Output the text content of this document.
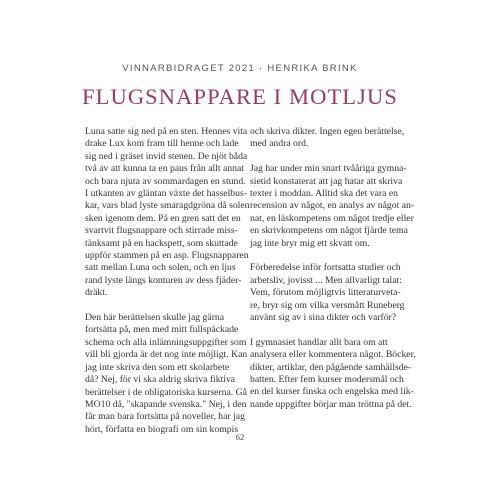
VINNARBIDRAGET 2021 · HENRIKA BRINK
FLUGSNAPPARE I MOTLJUS

Luna satte sig ned på en sten. Hennes vita
drake Lux kom fram till henne och lade
sig ned i gräset invid stenen. De njöt båda
två av att kunna ta en paus från allt annat
och bara njuta av sommardagen en stund.
I utkanten av gläntan växte det hasselbus-
kar, vars blad lyste smaragdgröna då solen
sken igenom dem. På en gren satt det en
svartvit flugsnappare och stirrade miss-
tänksamt på en hackspett, som skuttade
uppför stammen på en asp. Flugsnapparen
satt mellan Luna och solen, och en ljus
rand lyste längs konturen av dess fjäder-
dräkt.

Den här berättelsen skulle jag gärna
fortsätta på, men med mitt fullspäckade
schema och alla inlämningsuppgifter som
vill bli gjorda är det nog inte möjligt. Kan
jag inte skriva den som ett skolarbete
då? Nej, för vi ska aldrig skriva fiktiva
berättelser i de obligatoriska kurserna. Gå
MO10 då, "skapande svenska." Nej, i den
får man bara fortsätta på noveller, har jag
hört, författa en biografi om sin kompis

och skriva dikter. Ingen egen berättelse,
med andra ord.

Jag har under min snart tvååriga gymna-
sietid konstaterat att jag hatar att skriva
texter i moddan. Alltid ska det vara en
recension av något, en analys av något an-
nat, en läskompetens om något tredje eller
en skrivkompetens om något fjärde tema
jag inte bryr mig ett skvatt om.

Förberedelse inför fortsatta studier och
arbetsliv, jovisst ... Men allvarligt talat:
Vem, förutom möjligtvis litteraturveta-
re, bryr sig om vilka versmått Runeberg
använt sig av i sina dikter och varför?

I gymnasiet handlar allt bara om att
analysera eller kommentera något. Böcker,
dikter, artiklar, den pågående samhällsde-
batten. Efter fem kurser modersmål och
en del kurser finska och engelska med lik-
nande uppgifter börjar man tröttna på det.

62
